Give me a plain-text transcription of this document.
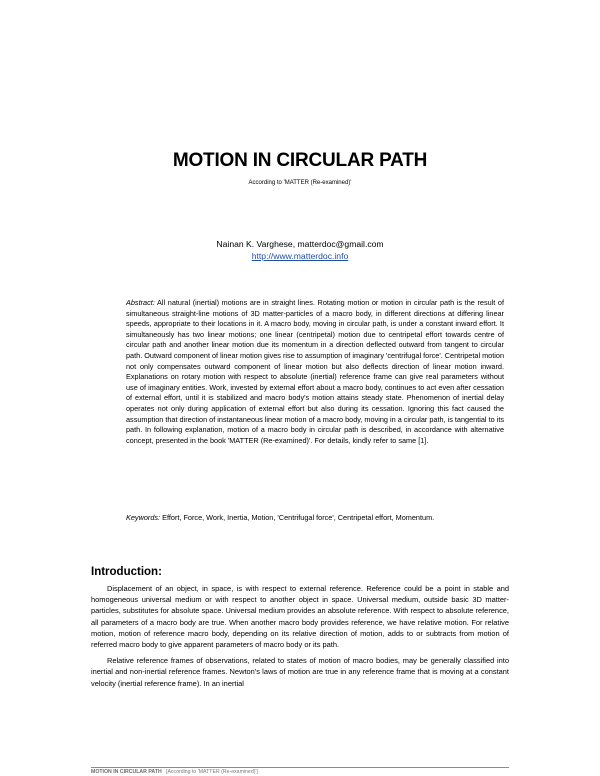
MOTION IN CIRCULAR PATH
According to 'MATTER (Re-examined)'
Nainan K. Varghese, matterdoc@gmail.com
http://www.matterdoc.info
Abstract: All natural (inertial) motions are in straight lines. Rotating motion or motion in circular path is the result of simultaneous straight-line motions of 3D matter-particles of a macro body, in different directions at differing linear speeds, appropriate to their locations in it. A macro body, moving in circular path, is under a constant inward effort. It simultaneously has two linear motions; one linear (centripetal) motion due to centripetal effort towards centre of circular path and another linear motion due its momentum in a direction deflected outward from tangent to circular path. Outward component of linear motion gives rise to assumption of imaginary 'centrifugal force'. Centripetal motion not only compensates outward component of linear motion but also deflects direction of linear motion inward. Explanations on rotary motion with respect to absolute (inertial) reference frame can give real parameters without use of imaginary entities. Work, invested by external effort about a macro body, continues to act even after cessation of external effort, until it is stabilized and macro body's motion attains steady state. Phenomenon of inertial delay operates not only during application of external effort but also during its cessation. Ignoring this fact caused the assumption that direction of instantaneous linear motion of a macro body, moving in a circular path, is tangential to its path. In following explanation, motion of a macro body in circular path is described, in accordance with alternative concept, presented in the book 'MATTER (Re-examined)'. For details, kindly refer to same [1].
Keywords: Effort, Force, Work, Inertia, Motion, 'Centrifugal force', Centripetal effort, Momentum.
Introduction:

Displacement of an object, in space, is with respect to external reference. Reference could be a point in stable and homogeneous universal medium or with respect to another object in space. Universal medium, outside basic 3D matter-particles, substitutes for absolute space. Universal medium provides an absolute reference. With respect to absolute reference, all parameters of a macro body are true. When another macro body provides reference, we have relative motion. For relative motion, motion of reference macro body, depending on its relative direction of motion, adds to or subtracts from motion of referred macro body to give apparent parameters of macro body or its path.

Relative reference frames of observations, related to states of motion of macro bodies, may be generally classified into inertial and non-inertial reference frames. Newton's laws of motion are true in any reference frame that is moving at a constant velocity (inertial reference frame). In an inertial

MOTION IN CIRCULAR PATH [According to 'MATTER (Re-examined)']
